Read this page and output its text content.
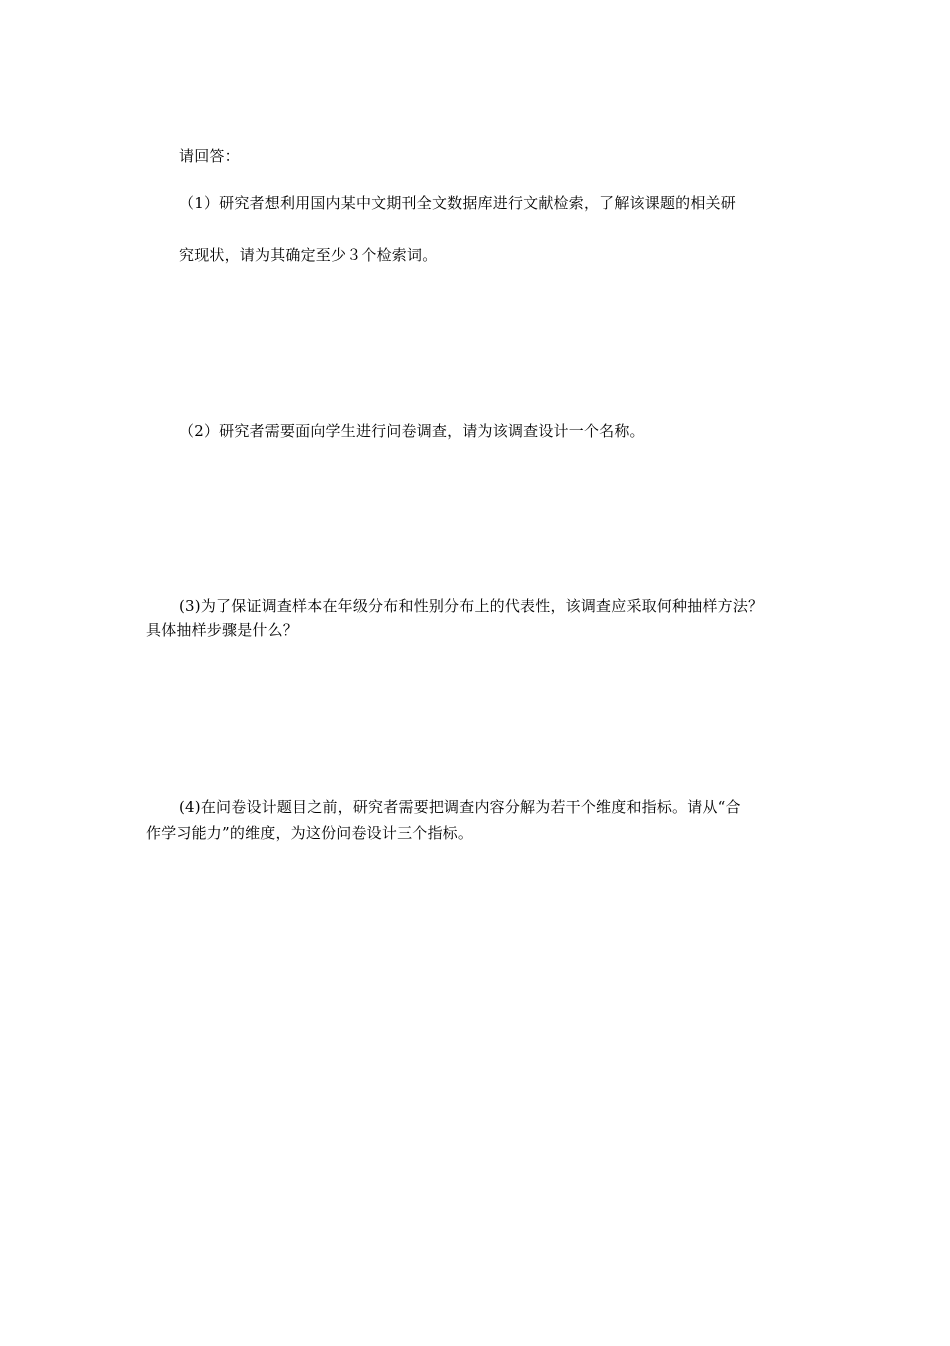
请回答：
（1）研究者想利用国内某中文期刊全文数据库进行文献检索，了解该课题的相关研
究现状，请为其确定至少３个检索词。
（2）研究者需要面向学生进行问卷调查，请为该调查设计一个名称。
(3)为了保证调查样本在年级分布和性别分布上的代表性，该调查应采取何种抽样方法？
具体抽样步骤是什么？
(4)在问卷设计题目之前，研究者需要把调查内容分解为若干个维度和指标。请从“合
作学习能力”的维度，为这份问卷设计三个指标。
